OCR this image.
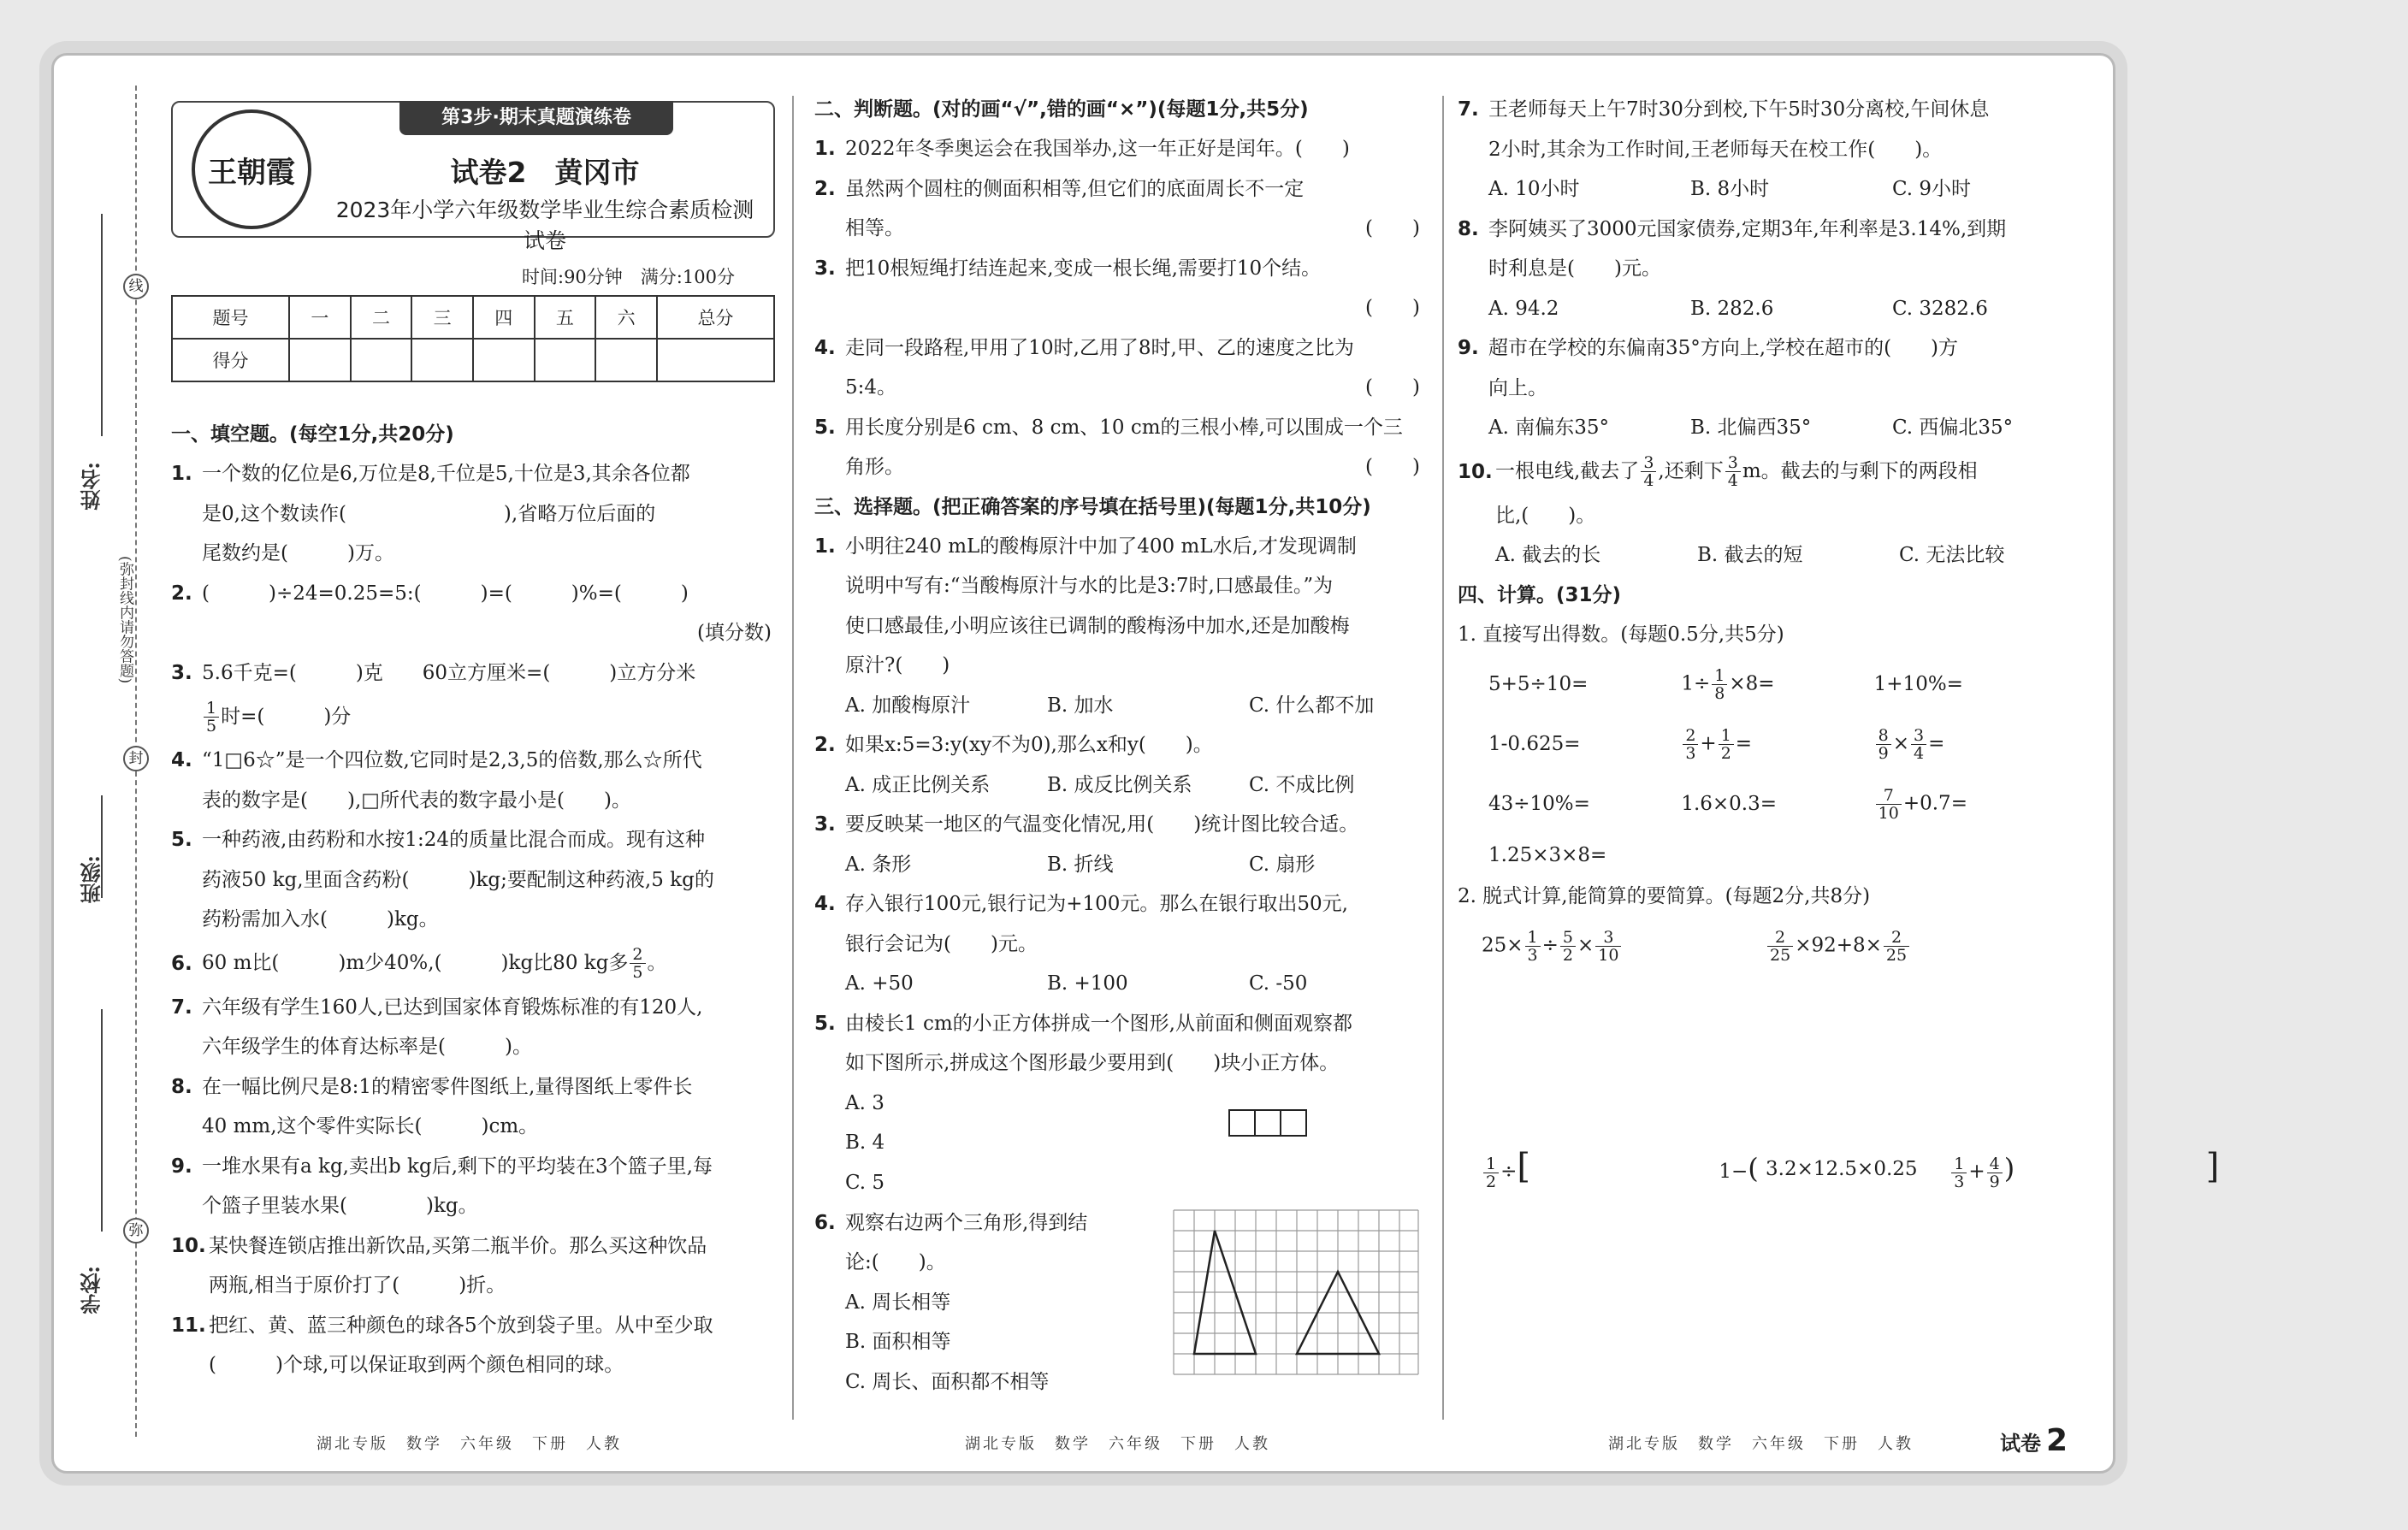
线
封
弥
(弥封线内请勿答题)
姓名:
班级:
学校:
王朝霞
第3步·期末真题演练卷
试卷2　黄冈市
2023年小学六年级数学毕业生综合素质检测试卷
时间:90分钟　满分:100分
题号	一	二	三	四	五	六	总分
得分							
一、填空题。(每空1分,共20分)
1. 一个数的亿位是6,万位是8,千位是5,十位是3,其余各位都
是0,这个数读作(　　　　　　　　),省略万位后面的
尾数约是(　　　)万。
2. (　　　)÷24=0.25=5:(　　　)=(　　　)%=(　　　)
(填分数)
3. 5.6千克=(　　　)克　　60立方厘米=(　　　)立方分米
$\frac{1}{5}$ 时=(　　　)分
4. “1□6☆”是一个四位数,它同时是2,3,5的倍数,那么☆所代
表的数字是(　　),□所代表的数字最小是(　　)。
5. 一种药液,由药粉和水按1:24的质量比混合而成。现有这种
药液50 kg,里面含药粉(　　　)kg;要配制这种药液,5 kg的
药粉需加入水(　　　)kg。
6. 60 m比(　　　)m少40%,(　　　)kg比80 kg多 $\frac{2}{5}$ 。
7. 六年级有学生160人,已达到国家体育锻炼标准的有120人,
六年级学生的体育达标率是(　　　)。
8. 在一幅比例尺是8:1的精密零件图纸上,量得图纸上零件长
40 mm,这个零件实际长(　　　)cm。
9. 一堆水果有a kg,卖出b kg后,剩下的平均装在3个篮子里,每
个篮子里装水果(　　　　)kg。
10. 某快餐连锁店推出新饮品,买第二瓶半价。那么买这种饮品
两瓶,相当于原价打了(　　　)折。
11. 把红、黄、蓝三种颜色的球各5个放到袋子里。从中至少取
(　　　)个球,可以保证取到两个颜色相同的球。
二、判断题。(对的画“√”,错的画“×”)(每题1分,共5分)
1. 2022年冬季奥运会在我国举办,这一年正好是闰年。(　　)
2. 虽然两个圆柱的侧面积相等,但它们的底面周长不一定
相等。	(　　)
3. 把10根短绳打结连起来,变成一根长绳,需要打10个结。
(　　)
4. 走同一段路程,甲用了10时,乙用了8时,甲、乙的速度之比为
5:4。	(　　)
5. 用长度分别是6 cm、8 cm、10 cm的三根小棒,可以围成一个三
角形。	(　　)
三、选择题。(把正确答案的序号填在括号里)(每题1分,共10分)
1. 小明往240 mL的酸梅原汁中加了400 mL水后,才发现调制
说明中写有:“当酸梅原汁与水的比是3:7时,口感最佳。”为
使口感最佳,小明应该往已调制的酸梅汤中加水,还是加酸梅
原汁?(　　)
A. 加酸梅原汁	B. 加水	C. 什么都不加
2. 如果x:5=3:y(xy不为0),那么x和y(　　)。
A. 成正比例关系	B. 成反比例关系	C. 不成比例
3. 要反映某一地区的气温变化情况,用(　　)统计图比较合适。
A. 条形	B. 折线	C. 扇形
4. 存入银行100元,银行记为+100元。那么在银行取出50元,
银行会记为(　　)元。
A. +50	B. +100	C. -50
5. 由棱长1 cm的小正方体拼成一个图形,从前面和侧面观察都
如下图所示,拼成这个图形最少要用到(　　)块小正方体。
A. 3
B. 4
C. 5
6. 观察右边两个三角形,得到结
论:(　　)。
A. 周长相等
B. 面积相等
C. 周长、面积都不相等
7. 王老师每天上午7时30分到校,下午5时30分离校,午间休息
2小时,其余为工作时间,王老师每天在校工作(　　)。
A. 10小时	B. 8小时	C. 9小时
8. 李阿姨买了3000元国家债券,定期3年,年利率是3.14%,到期
时利息是(　　)元。
A. 94.2	B. 282.6	C. 3282.6
9. 超市在学校的东偏南35°方向上,学校在超市的(　　)方
向上。
A. 南偏东35°	B. 北偏西35°	C. 西偏北35°
10. 一根电线,截去了 $\frac{3}{4}$ ,还剩下 $\frac{3}{4}$ m。截去的与剩下的两段相
比,(　　)。
A. 截去的长	B. 截去的短	C. 无法比较
四、计算。(31分)
1. 直接写出得数。(每题0.5分,共5分)
5+5÷10=	$1\div \frac{1}{8} \times 8=$	1+10%=
1-0.625=	$\frac{2}{3} + \frac{1}{2}$ =	$\frac{8}{9} \times \frac{3}{4}$ =
43÷10%=	1.6×0.3=	$\frac{7}{10} +0.7=$
1.25×3×8=
2. 脱式计算,能简算的要简算。(每题2分,共8分)
$25\times \frac{1}{3} \div \frac{5}{2} \times \frac{3}{10}$	$\frac{2}{25} \times 92+8\times \frac{2}{25}$
$\frac{1}{2}$ ÷[	1−(	$\frac{1}{3} + \frac{4}{9}$ )	]
3.2×12.5×0.25
湖北专版　数学　六年级　下册　人教	湖北专版　数学　六年级　下册　人教	湖北专版　数学　六年级　下册　人教	试卷 2
